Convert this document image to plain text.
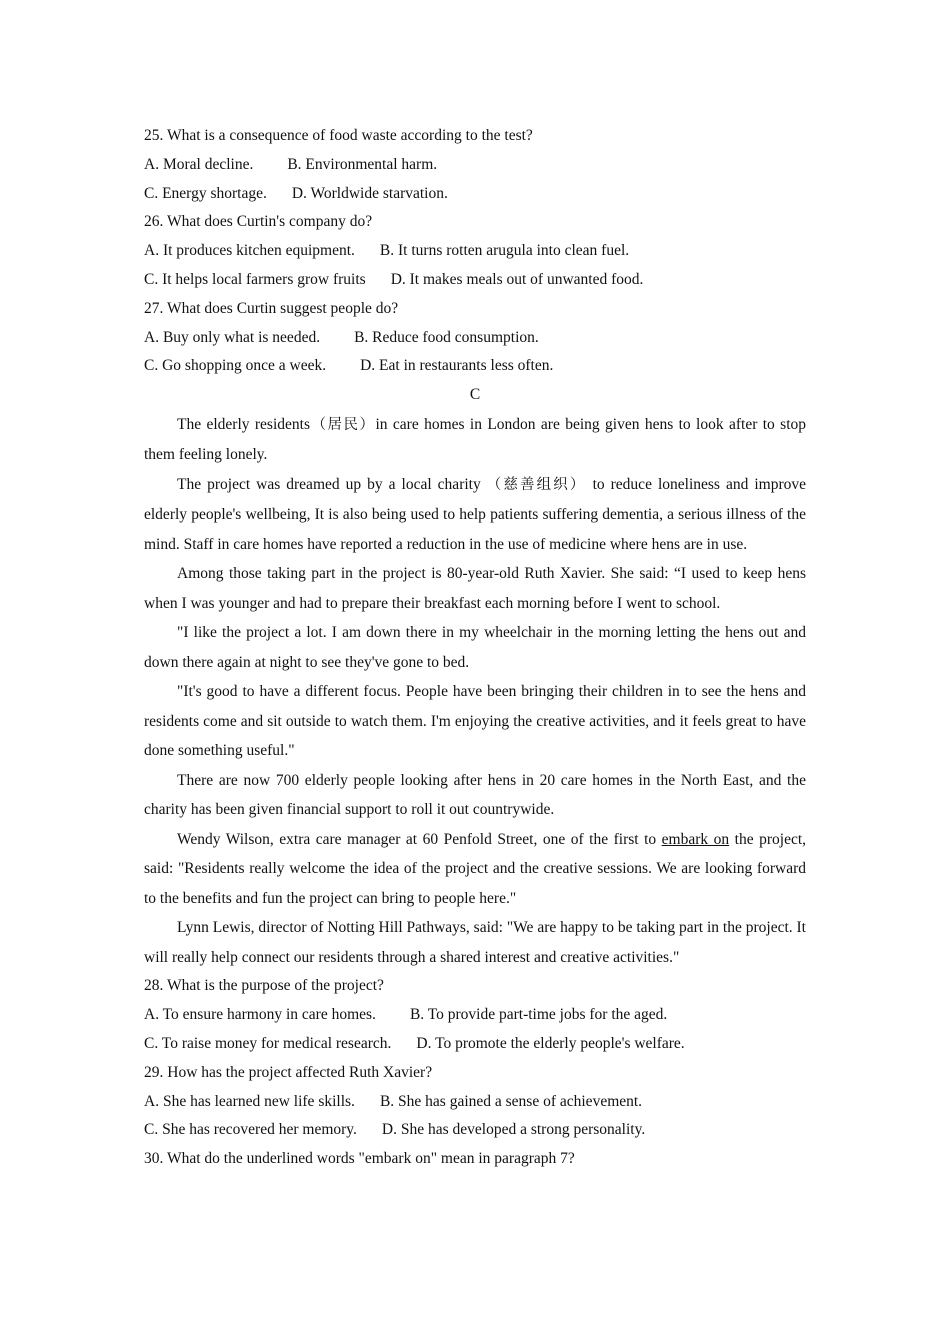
25. What is a consequence of food waste according to the test?
A. Moral decline. B. Environmental harm.
C. Energy shortage. D. Worldwide starvation.
26. What does Curtin's company do?
A. It produces kitchen equipment. B. It turns rotten arugula into clean fuel.
C. It helps local farmers grow fruits D. It makes meals out of unwanted food.
27. What does Curtin suggest people do?
A. Buy only what is needed. B. Reduce food consumption.
C. Go shopping once a week. D. Eat in restaurants less often.
C

The elderly residents（居民）in care homes in London are being given hens to look after to stop them feeling lonely.

The project was dreamed up by a local charity （慈善组织） to reduce loneliness and improve elderly people's wellbeing, It is also being used to help patients suffering dementia, a serious illness of the mind. Staff in care homes have reported a reduction in the use of medicine where hens are in use.

Among those taking part in the project is 80-year-old Ruth Xavier. She said: “I used to keep hens when I was younger and had to prepare their breakfast each morning before I went to school.

"I like the project a lot. I am down there in my wheelchair in the morning letting the hens out and down there again at night to see they've gone to bed.

"It's good to have a different focus. People have been bringing their children in to see the hens and residents come and sit outside to watch them. I'm enjoying the creative activities, and it feels great to have done something useful."

There are now 700 elderly people looking after hens in 20 care homes in the North East, and the charity has been given financial support to roll it out countrywide.

Wendy Wilson, extra care manager at 60 Penfold Street, one of the first to embark on the project, said: "Residents really welcome the idea of the project and the creative sessions. We are looking forward to the benefits and fun the project can bring to people here."

Lynn Lewis, director of Notting Hill Pathways, said: "We are happy to be taking part in the project. It will really help connect our residents through a shared interest and creative activities."

28. What is the purpose of the project?
A. To ensure harmony in care homes. B. To provide part-time jobs for the aged.
C. To raise money for medical research. D. To promote the elderly people's welfare.
29. How has the project affected Ruth Xavier?
A. She has learned new life skills. B. She has gained a sense of achievement.
C. She has recovered her memory. D. She has developed a strong personality.
30. What do the underlined words "embark on" mean in paragraph 7?
